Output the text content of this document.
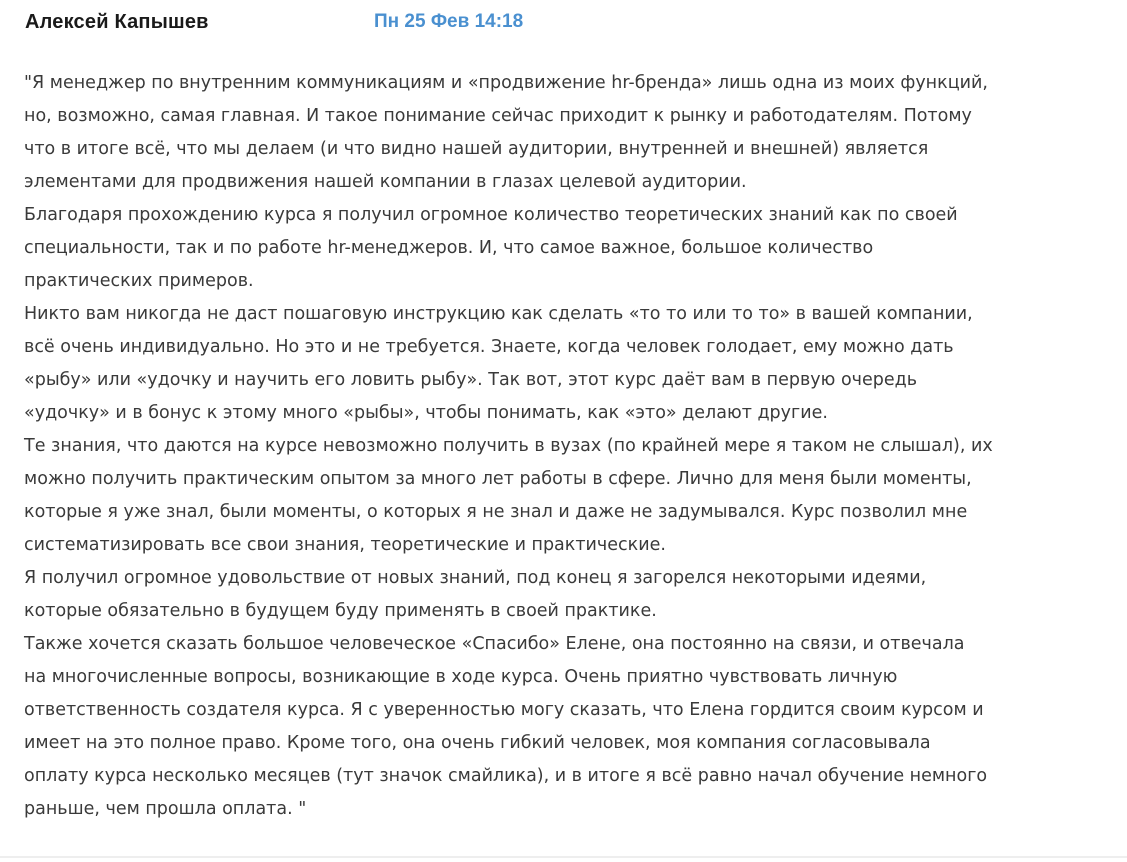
Алексей Капышев	Пн 25 Фев 14:18
"Я менеджер по внутренним коммуникациям и «продвижение hr-бренда» лишь одна из моих функций,
но, возможно, самая главная. И такое понимание сейчас приходит к рынку и работодателям. Потому
что в итоге всё, что мы делаем (и что видно нашей аудитории, внутренней и внешней) является
элементами для продвижения нашей компании в глазах целевой аудитории.
Благодаря прохождению курса я получил огромное количество теоретических знаний как по своей
специальности, так и по работе hr-менеджеров. И, что самое важное, большое количество
практических примеров.
Никто вам никогда не даст пошаговую инструкцию как сделать «то то или то то» в вашей компании,
всё очень индивидуально. Но это и не требуется. Знаете, когда человек голодает, ему можно дать
«рыбу» или «удочку и научить его ловить рыбу». Так вот, этот курс даёт вам в первую очередь
«удочку» и в бонус к этому много «рыбы», чтобы понимать, как «это» делают другие.
Те знания, что даются на курсе невозможно получить в вузах (по крайней мере я таком не слышал), их
можно получить практическим опытом за много лет работы в сфере. Лично для меня были моменты,
которые я уже знал, были моменты, о которых я не знал и даже не задумывался. Курс позволил мне
систематизировать все свои знания, теоретические и практические.
Я получил огромное удовольствие от новых знаний, под конец я загорелся некоторыми идеями,
которые обязательно в будущем буду применять в своей практике.
Также хочется сказать большое человеческое «Спасибо» Елене, она постоянно на связи, и отвечала
на многочисленные вопросы, возникающие в ходе курса. Очень приятно чувствовать личную
ответственность создателя курса. Я с уверенностью могу сказать, что Елена гордится своим курсом и
имеет на это полное право. Кроме того, она очень гибкий человек, моя компания согласовывала
оплату курса несколько месяцев (тут значок смайлика), и в итоге я всё равно начал обучение немного
раньше, чем прошла оплата. "
